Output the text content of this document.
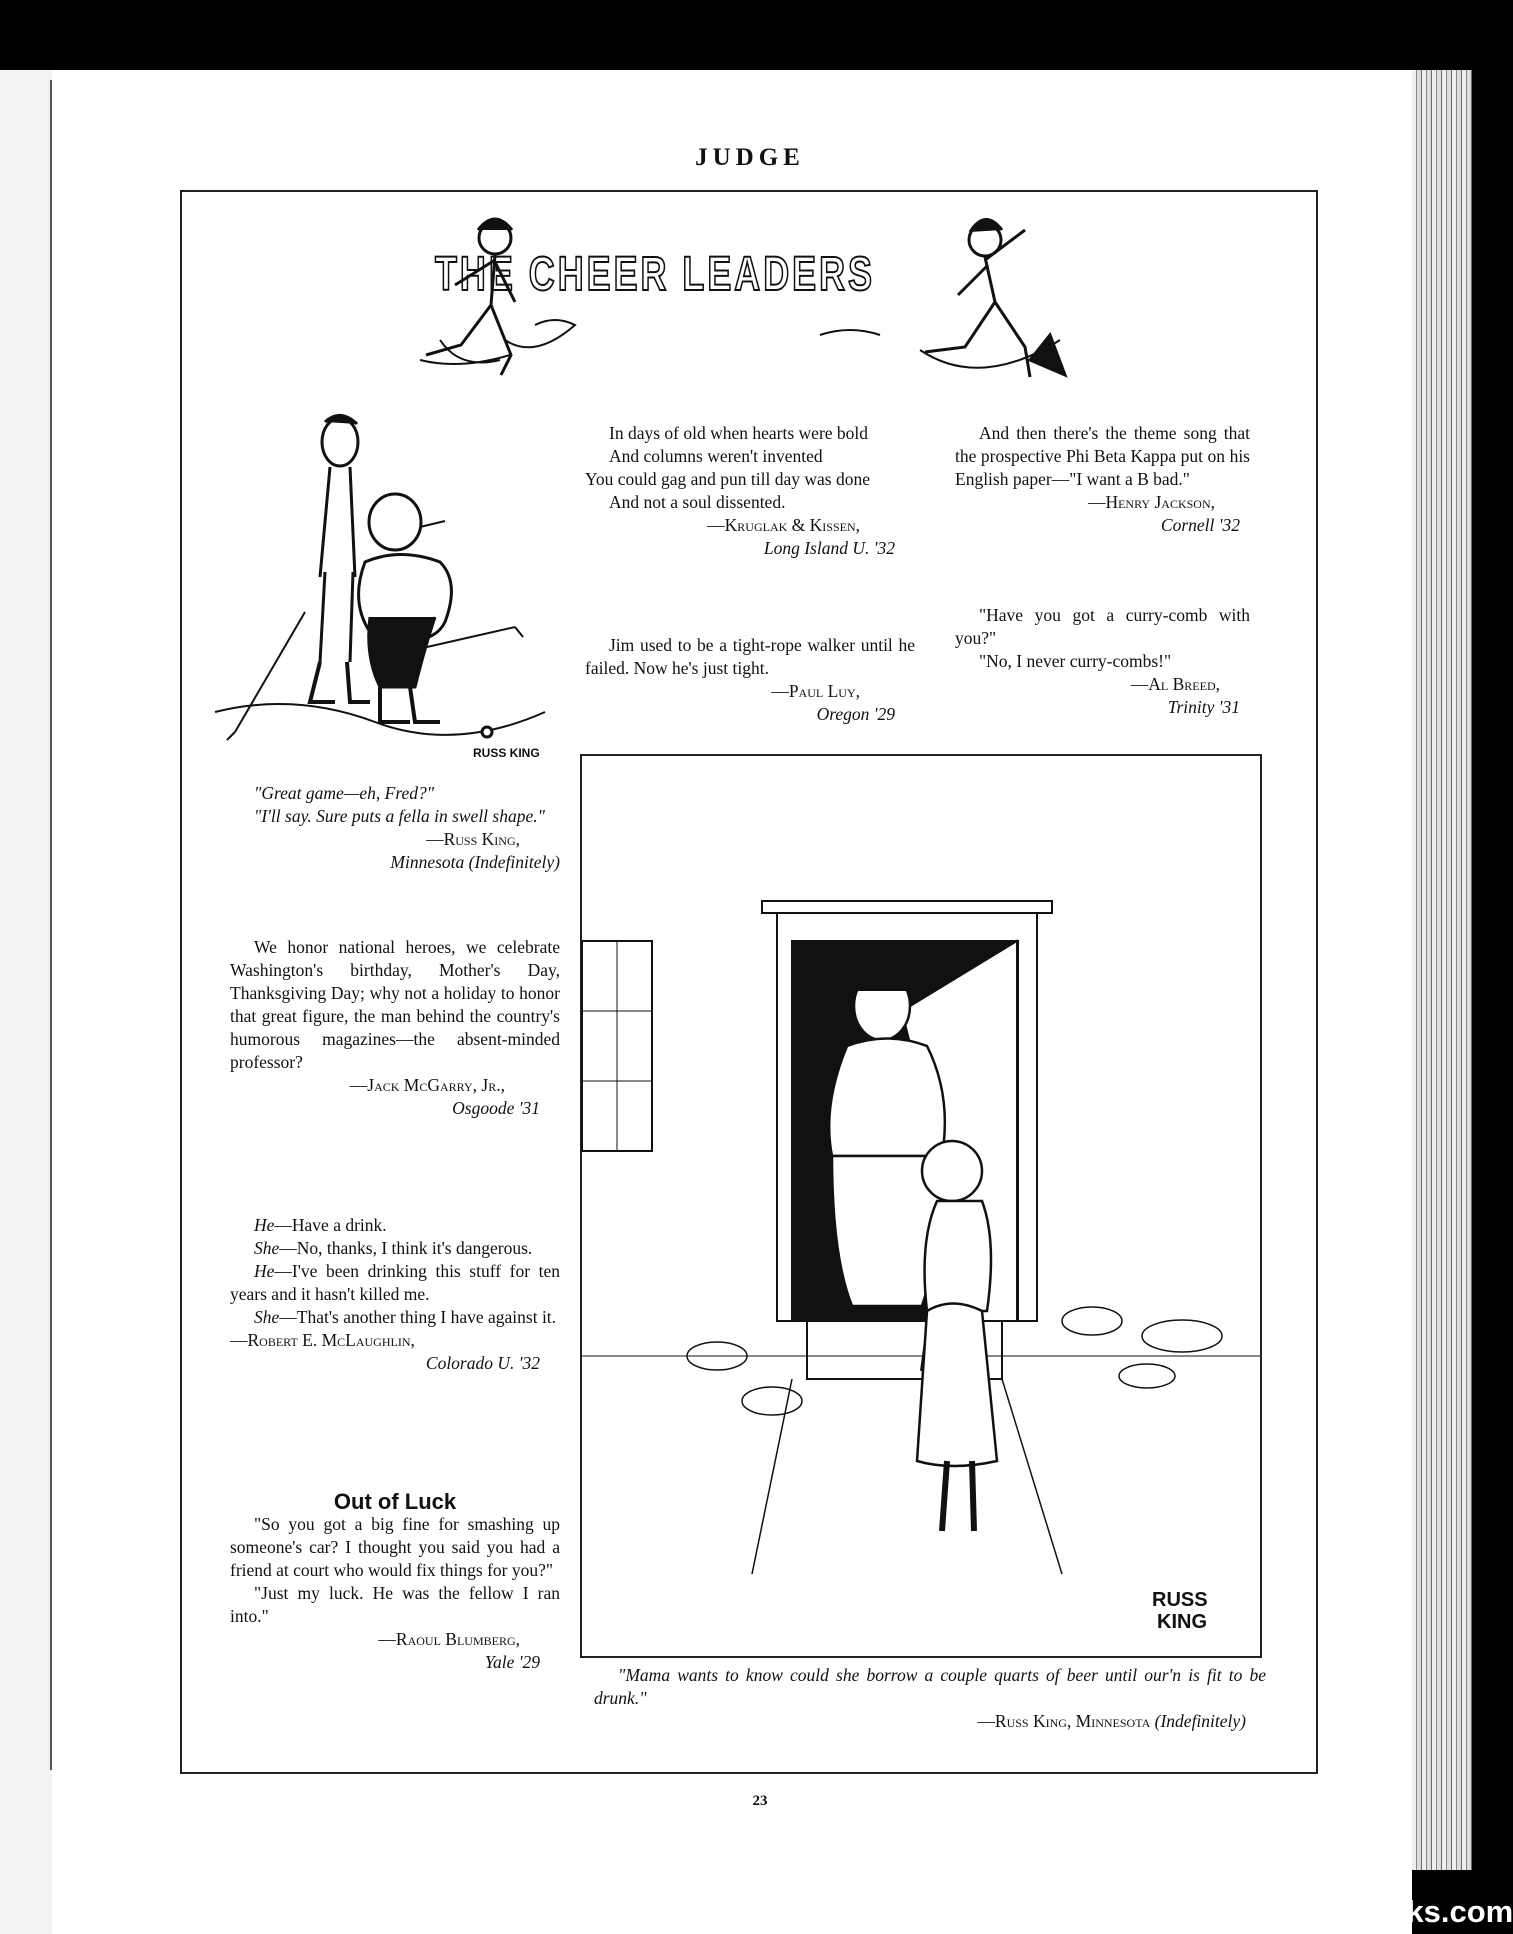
JUDGE
THE CHEER LEADERS
RUSS KING

In days of old when hearts were bold

And columns weren't invented

You could gag and pun till day was done

And not a soul dissented.

—Kruglak & Kissen,

Long Island U. '32

Jim used to be a tight-rope walker until he failed. Now he's just tight.

—Paul Luy,

Oregon '29

And then there's the theme song that the prospective Phi Beta Kappa put on his English paper—"I want a B bad."

—Henry Jackson,

Cornell '32

"Have you got a curry-comb with you?"

"No, I never curry-combs!"

—Al Breed,

Trinity '31

"Great game—eh, Fred?"

"I'll say. Sure puts a fella in swell shape."

—Russ King,

Minnesota (Indefinitely)

We honor national heroes, we celebrate Washington's birthday, Mother's Day, Thanksgiving Day; why not a holiday to honor that great figure, the man behind the country's humorous magazines—the absent-minded professor?

—Jack McGarry, Jr.,

Osgoode '31

He—Have a drink.

She—No, thanks, I think it's dangerous.

He—I've been drinking this stuff for ten years and it hasn't killed me.

She—That's another thing I have against it.

—Robert E. McLaughlin,

Colorado U. '32

Out of Luck

"So you got a big fine for smashing up someone's car? I thought you said you had a friend at court who would fix things for you?"

"Just my luck. He was the fellow I ran into."

—Raoul Blumberg,

Yale '29

RUSS
KING
"Mama wants to know could she borrow a couple quarts of beer until our'n is fit to be drunk."
—Russ King, Minnesota (Indefinitely)
23
comicbooks.com
